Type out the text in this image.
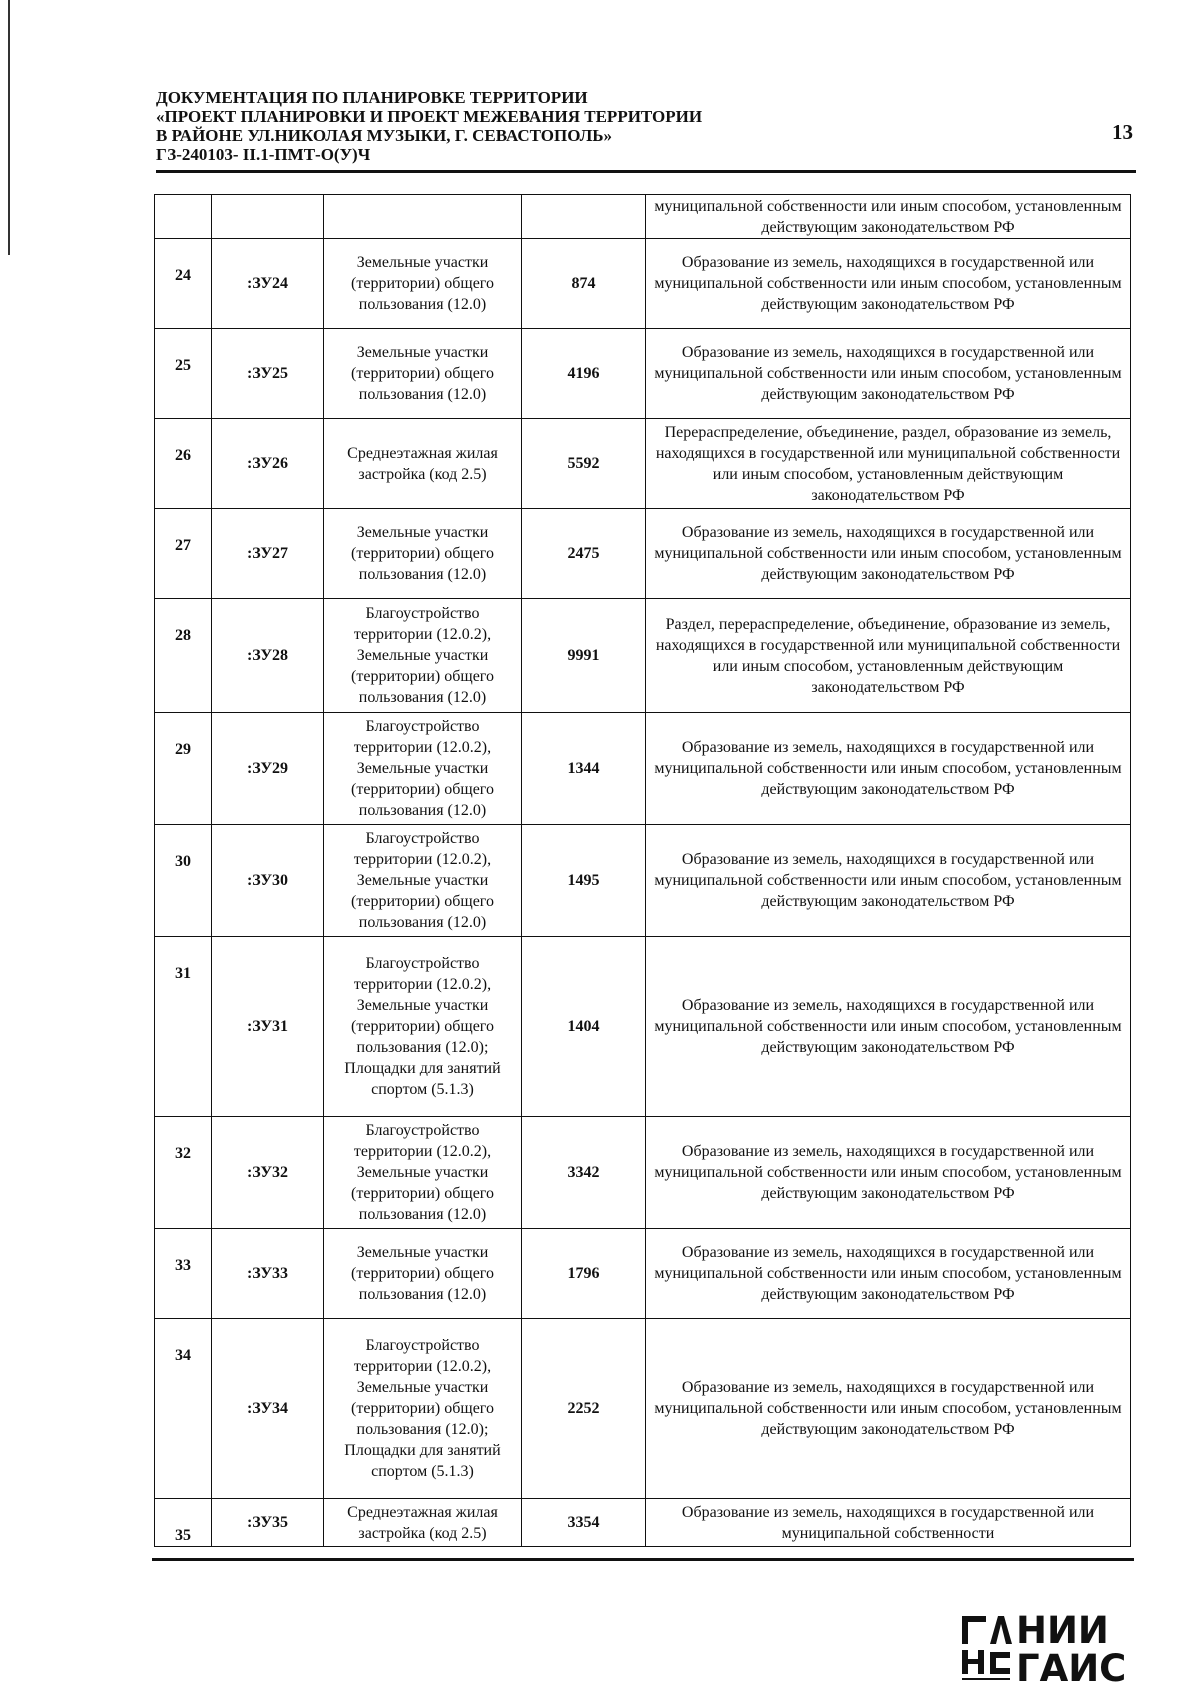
ДОКУМЕНТАЦИЯ ПО ПЛАНИРОВКЕ ТЕРРИТОРИИ
«ПРОЕКТ ПЛАНИРОВКИ И ПРОЕКТ МЕЖЕВАНИЯ ТЕРРИТОРИИ
В РАЙОНЕ УЛ.НИКОЛАЯ МУЗЫКИ, Г. СЕВАСТОПОЛЬ»
ГЗ-240103- II.1-ПМТ-О(У)Ч
13
				муниципальной собственности или иным способом, установленным действующим законодательством РФ
24	:ЗУ24	Земельные участки (территории) общего пользования (12.0)	874	Образование из земель, находящихся в государственной или муниципальной собственности или иным способом, установленным действующим законодательством РФ
25	:ЗУ25	Земельные участки (территории) общего пользования (12.0)	4196	Образование из земель, находящихся в государственной или муниципальной собственности или иным способом, установленным действующим законодательством РФ
26	:ЗУ26	Среднеэтажная жилая застройка (код 2.5)	5592	Перераспределение, объединение, раздел, образование из земель, находящихся в государственной или муниципальной собственности или иным способом, установленным действующим законодательством РФ
27	:ЗУ27	Земельные участки (территории) общего пользования (12.0)	2475	Образование из земель, находящихся в государственной или муниципальной собственности или иным способом, установленным действующим законодательством РФ
28	:ЗУ28	Благоустройство территории (12.0.2), Земельные участки (территории) общего пользования (12.0)	9991	Раздел, перераспределение, объединение, образование из земель, находящихся в государственной или муниципальной собственности или иным способом, установленным действующим законодательством РФ
29	:ЗУ29	Благоустройство территории (12.0.2), Земельные участки (территории) общего пользования (12.0)	1344	Образование из земель, находящихся в государственной или муниципальной собственности или иным способом, установленным действующим законодательством РФ
30	:ЗУ30	Благоустройство территории (12.0.2), Земельные участки (территории) общего пользования (12.0)	1495	Образование из земель, находящихся в государственной или муниципальной собственности или иным способом, установленным действующим законодательством РФ
31	:ЗУ31	Благоустройство территории (12.0.2), Земельные участки (территории) общего пользования (12.0); Площадки для занятий спортом (5.1.3)	1404	Образование из земель, находящихся в государственной или муниципальной собственности или иным способом, установленным действующим законодательством РФ
32	:ЗУ32	Благоустройство территории (12.0.2), Земельные участки (территории) общего пользования (12.0)	3342	Образование из земель, находящихся в государственной или муниципальной собственности или иным способом, установленным действующим законодательством РФ
33	:ЗУ33	Земельные участки (территории) общего пользования (12.0)	1796	Образование из земель, находящихся в государственной или муниципальной собственности или иным способом, установленным действующим законодательством РФ
34	:ЗУ34	Благоустройство территории (12.0.2), Земельные участки (территории) общего пользования (12.0); Площадки для занятий спортом (5.1.3)	2252	Образование из земель, находящихся в государственной или муниципальной собственности или иным способом, установленным действующим законодательством РФ
35	:ЗУ35	Среднеэтажная жилая застройка (код 2.5)	3354	Образование из земель, находящихся в государственной или муниципальной собственности
НИИ
ГАИС
